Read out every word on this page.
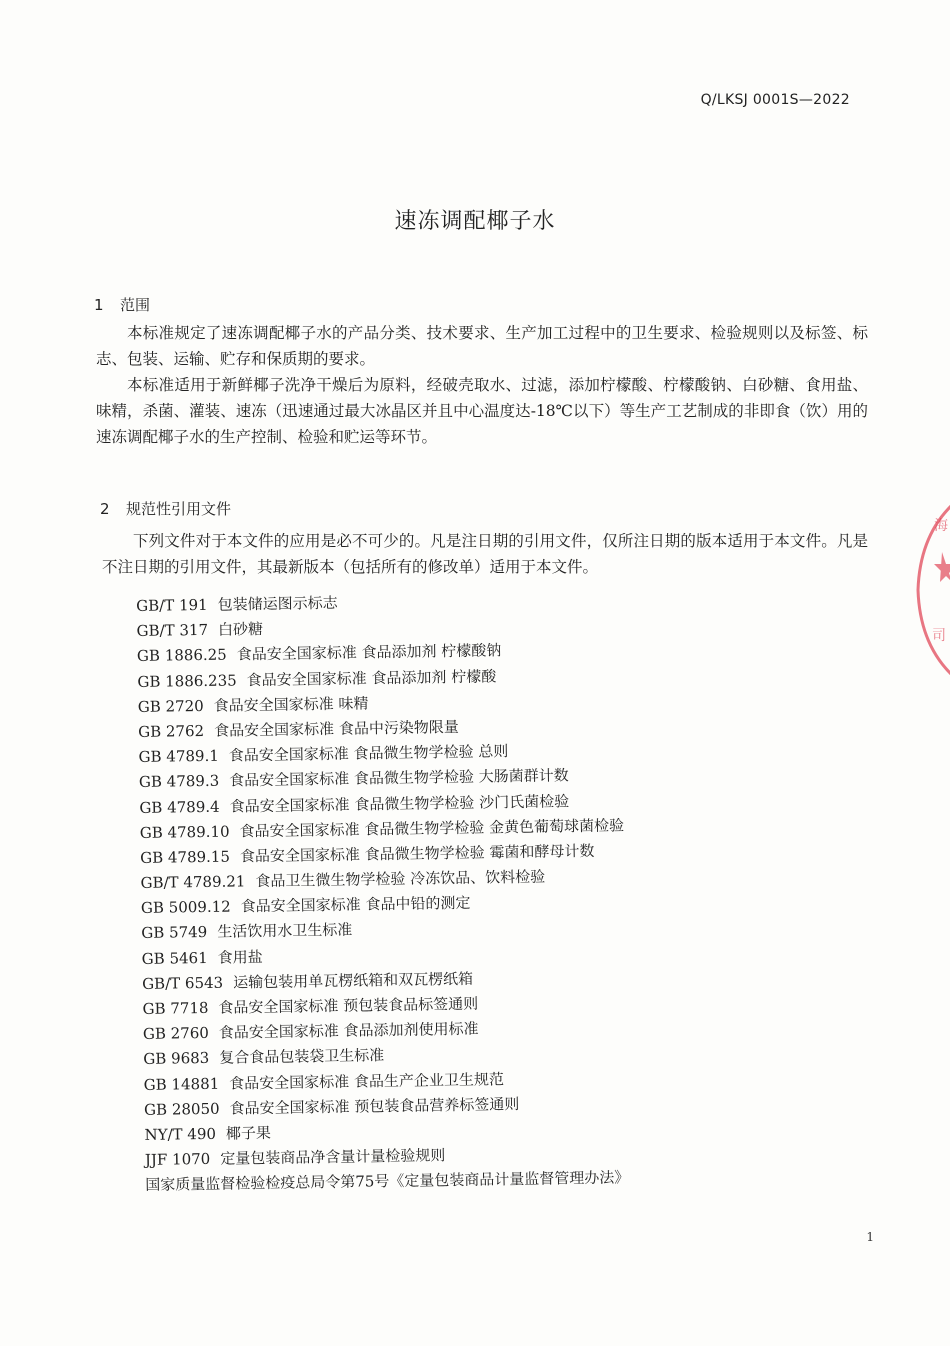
Q/LKSJ 0001S—2022
速冻调配椰子水
1 范围

本标准规定了速冻调配椰子水的产品分类、技术要求、生产加工过程中的卫生要求、检验规则以及标签、标志、包装、运输、贮存和保质期的要求。

本标准适用于新鲜椰子洗净干燥后为原料，经破壳取水、过滤，添加柠檬酸、柠檬酸钠、白砂糖、食用盐、味精，杀菌、灌装、速冻（迅速通过最大冰晶区并且中心温度达-18℃以下）等生产工艺制成的非即食（饮）用的速冻调配椰子水的生产控制、检验和贮运等环节。

2 规范性引用文件

下列文件对于本文件的应用是必不可少的。凡是注日期的引用文件，仅所注日期的版本适用于本文件。凡是不注日期的引用文件，其最新版本（包括所有的修改单）适用于本文件。

GB/T 191 包装储运图示标志
GB/T 317 白砂糖
GB 1886.25 食品安全国家标准 食品添加剂 柠檬酸钠
GB 1886.235 食品安全国家标准 食品添加剂 柠檬酸
GB 2720 食品安全国家标准 味精
GB 2762 食品安全国家标准 食品中污染物限量
GB 4789.1 食品安全国家标准 食品微生物学检验 总则
GB 4789.3 食品安全国家标准 食品微生物学检验 大肠菌群计数
GB 4789.4 食品安全国家标准 食品微生物学检验 沙门氏菌检验
GB 4789.10 食品安全国家标准 食品微生物学检验 金黄色葡萄球菌检验
GB 4789.15 食品安全国家标准 食品微生物学检验 霉菌和酵母计数
GB/T 4789.21 食品卫生微生物学检验 冷冻饮品、饮料检验
GB 5009.12 食品安全国家标准 食品中铅的测定
GB 5749 生活饮用水卫生标准
GB 5461 食用盐
GB/T 6543 运输包装用单瓦楞纸箱和双瓦楞纸箱
GB 7718 食品安全国家标准 预包装食品标签通则
GB 2760 食品安全国家标准 食品添加剂使用标准
GB 9683 复合食品包装袋卫生标准
GB 14881 食品安全国家标准 食品生产企业卫生规范
GB 28050 食品安全国家标准 预包装食品营养标签通则
NY/T 490 椰子果
JJF 1070 定量包装商品净含量计量检验规则
国家质量监督检验检疫总局令第75号《定量包装商品计量监督管理办法》
1
海
司
